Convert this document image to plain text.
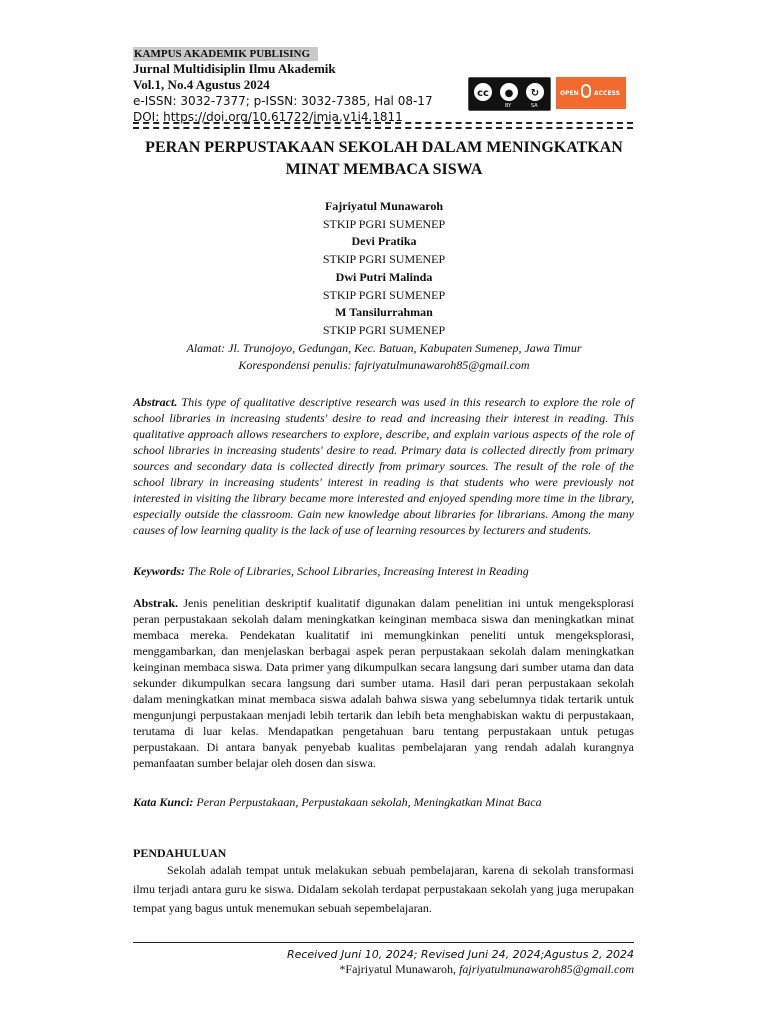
KAMPUS AKADEMIK PUBLISING
Jurnal Multidisiplin Ilmu Akademik
Vol.1, No.4 Agustus 2024
e-ISSN: 3032-7377; p-ISSN: 3032-7385, Hal 08-17
DOI: https://doi.org/10.61722/jmia.v1i4.1811
cc	●	↻
BY	SA
OPEN	ACCESS
PERAN PERPUSTAKAAN SEKOLAH DALAM MENINGKATKAN
MINAT MEMBACA SISWA
Fajriyatul Munawaroh
STKIP PGRI SUMENEP
Devi Pratika
STKIP PGRI SUMENEP
Dwi Putri Malinda
STKIP PGRI SUMENEP
M Tansilurrahman
STKIP PGRI SUMENEP
Alamat: Jl. Trunojoyo, Gedungan, Kec. Batuan, Kabupaten Sumenep, Jawa Timur
Korespondensi penulis: fajriyatulmunawaroh85@gmail.com
Abstract. This type of qualitative descriptive research was used in this research to explore the role of school libraries in increasing students' desire to read and increasing their interest in reading. This qualitative approach allows researchers to explore, describe, and explain various aspects of the role of school libraries in increasing students' desire to read. Primary data is collected directly from primary sources and secondary data is collected directly from primary sources. The result of the role of the school library in increasing students' interest in reading is that students who were previously not interested in visiting the library became more interested and enjoyed spending more time in the library, especially outside the classroom. Gain new knowledge about libraries for librarians. Among the many causes of low learning quality is the lack of use of learning resources by lecturers and students.
Keywords: The Role of Libraries, School Libraries, Increasing Interest in Reading
Abstrak. Jenis penelitian deskriptif kualitatif digunakan dalam penelitian ini untuk mengeksplorasi peran perpustakaan sekolah dalam meningkatkan keinginan membaca siswa dan meningkatkan minat membaca mereka. Pendekatan kualitatif ini memungkinkan peneliti untuk mengeksplorasi, menggambarkan, dan menjelaskan berbagai aspek peran perpustakaan sekolah dalam meningkatkan keinginan membaca siswa. Data primer yang dikumpulkan secara langsung dari sumber utama dan data sekunder dikumpulkan secara langsung dari sumber utama. Hasil dari peran perpustakaan sekolah dalam meningkatkan minat membaca siswa adalah bahwa siswa yang sebelumnya tidak tertarik untuk mengunjungi perpustakaan menjadi lebih tertarik dan lebih beta menghabiskan waktu di perpustakaan, terutama di luar kelas. Mendapatkan pengetahuan baru tentang perpustakaan untuk petugas perpustakaan. Di antara banyak penyebab kualitas pembelajaran yang rendah adalah kurangnya pemanfaatan sumber belajar oleh dosen dan siswa.
Kata Kunci: Peran Perpustakaan, Perpustakaan sekolah, Meningkatkan Minat Baca
PENDAHULUAN
Sekolah adalah tempat untuk melakukan sebuah pembelajaran, karena di sekolah transformasi ilmu terjadi antara guru ke siswa. Didalam sekolah terdapat perpustakaan sekolah yang juga merupakan tempat yang bagus untuk menemukan sebuah sepembelajaran.
Received Juni 10, 2024; Revised Juni 24, 2024;Agustus 2, 2024
*Fajriyatul Munawaroh, fajriyatulmunawaroh85@gmail.com
